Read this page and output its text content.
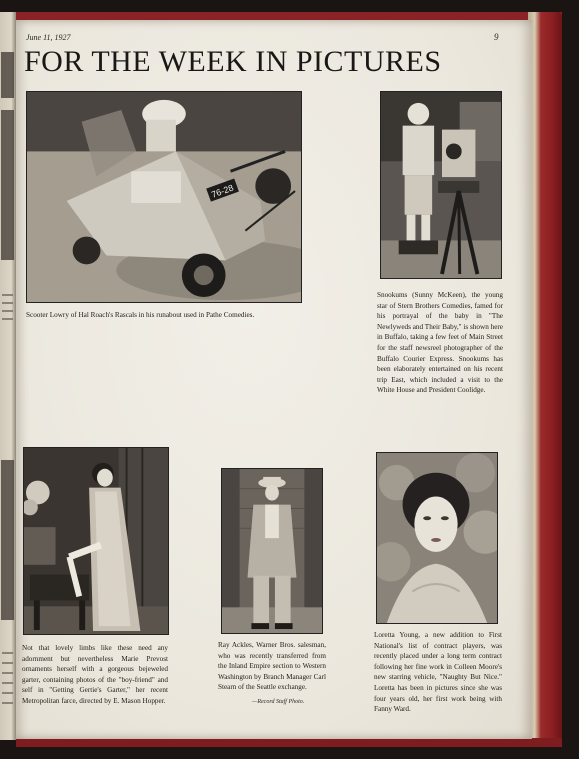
June 11, 1927	9
FOR THE WEEK IN PICTURES
76-28

Scooter Lowry of Hal Roach's Rascals in his runabout used in Pathe Comedies.

Snookums (Sunny McKeen), the young star of Stern Brothers Comedies, famed for his portrayal of the baby in "The Newlyweds and Their Baby," is shown here in Buffalo, taking a few feet of Main Street for the staff newsreel photographer of the Buffalo Courier Express. Snookums has been elaborately entertained on his recent trip East, which included a visit to the White House and President Coolidge.

Not that lovely limbs like these need any adornment but nevertheless Marie Prevost ornaments herself with a gorgeous bejeweled garter, containing photos of the "boy-friend" and self in "Getting Gertie's Garter," her recent Metropolitan farce, directed by E. Mason Hopper.

Ray Ackles, Warner Bros. salesman, who was recently transferred from the Inland Empire section to Western Washington by Branch Manager Carl Stearn of the Seattle exchange.

—Record Staff Photo.

Loretta Young, a new addition to First National's list of contract players, was recently placed under a long term contract following her fine work in Colleen Moore's new starring vehicle, "Naughty But Nice." Loretta has been in pictures since she was four years old, her first work being with Fanny Ward.
